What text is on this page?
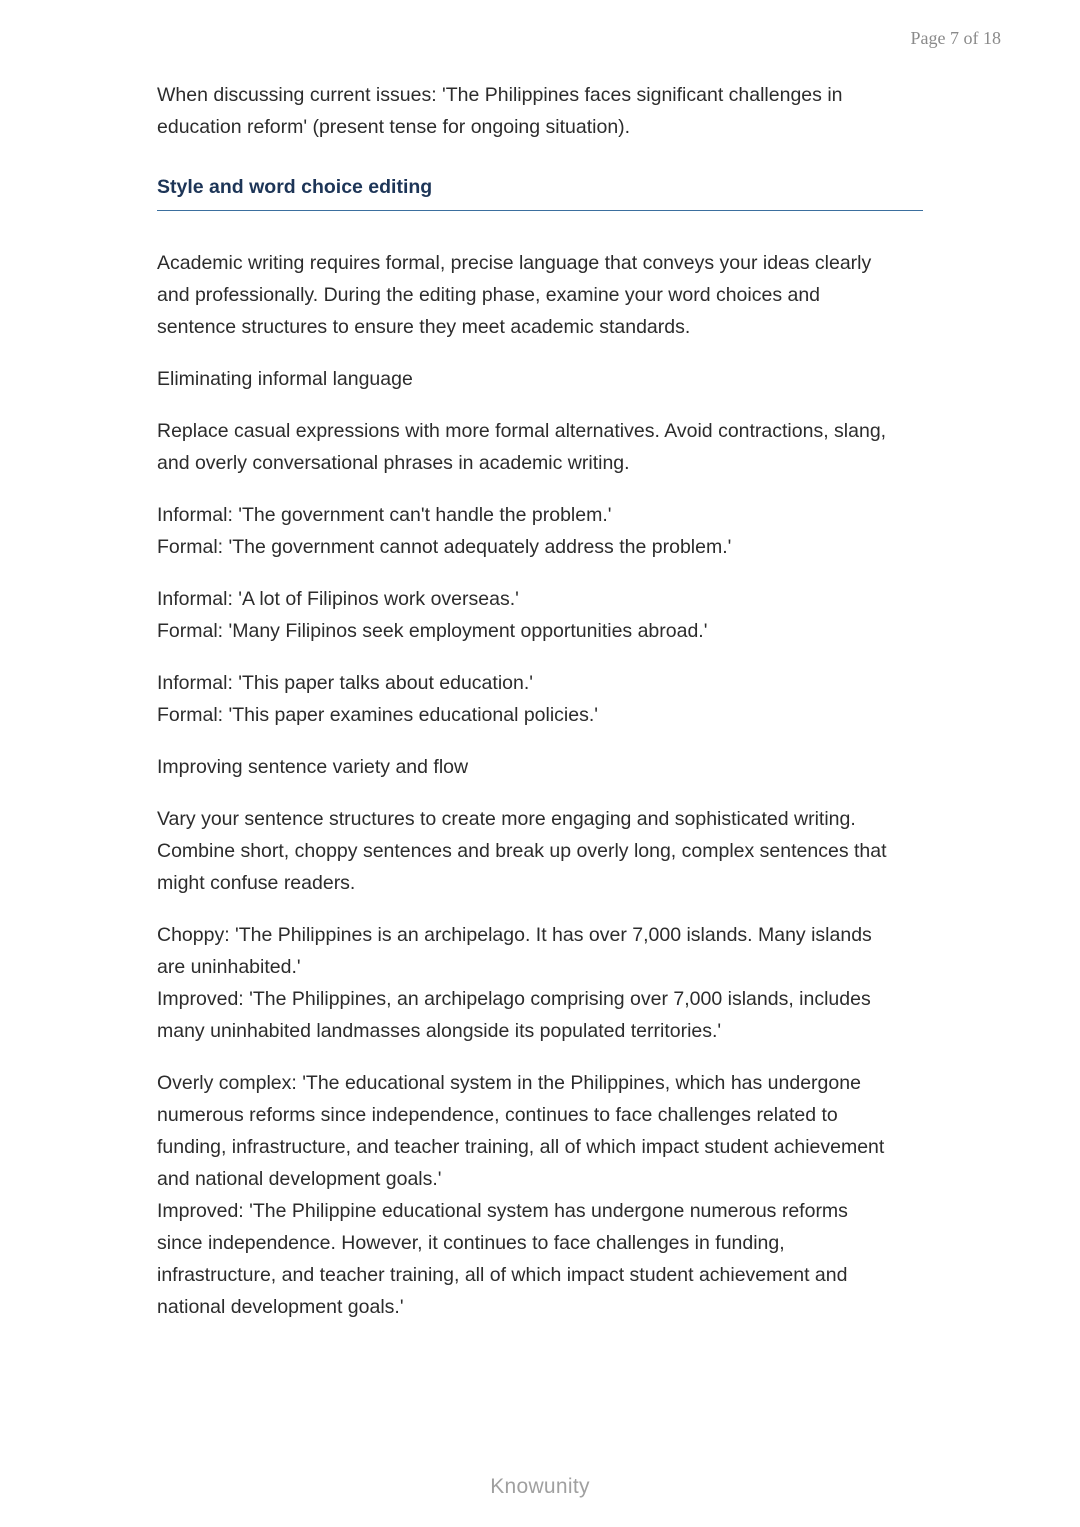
Page 7 of 18

When discussing current issues: 'The Philippines faces significant challenges in
education reform' (present tense for ongoing situation).

Style and word choice editing

Academic writing requires formal, precise language that conveys your ideas clearly
and professionally. During the editing phase, examine your word choices and
sentence structures to ensure they meet academic standards.

Eliminating informal language

Replace casual expressions with more formal alternatives. Avoid contractions, slang,
and overly conversational phrases in academic writing.

Informal: 'The government can't handle the problem.'
Formal: 'The government cannot adequately address the problem.'

Informal: 'A lot of Filipinos work overseas.'
Formal: 'Many Filipinos seek employment opportunities abroad.'

Informal: 'This paper talks about education.'
Formal: 'This paper examines educational policies.'

Improving sentence variety and flow

Vary your sentence structures to create more engaging and sophisticated writing.
Combine short, choppy sentences and break up overly long, complex sentences that
might confuse readers.

Choppy: 'The Philippines is an archipelago. It has over 7,000 islands. Many islands
are uninhabited.'
Improved: 'The Philippines, an archipelago comprising over 7,000 islands, includes
many uninhabited landmasses alongside its populated territories.'

Overly complex: 'The educational system in the Philippines, which has undergone
numerous reforms since independence, continues to face challenges related to
funding, infrastructure, and teacher training, all of which impact student achievement
and national development goals.'
Improved: 'The Philippine educational system has undergone numerous reforms
since independence. However, it continues to face challenges in funding,
infrastructure, and teacher training, all of which impact student achievement and
national development goals.'

Knowunity
